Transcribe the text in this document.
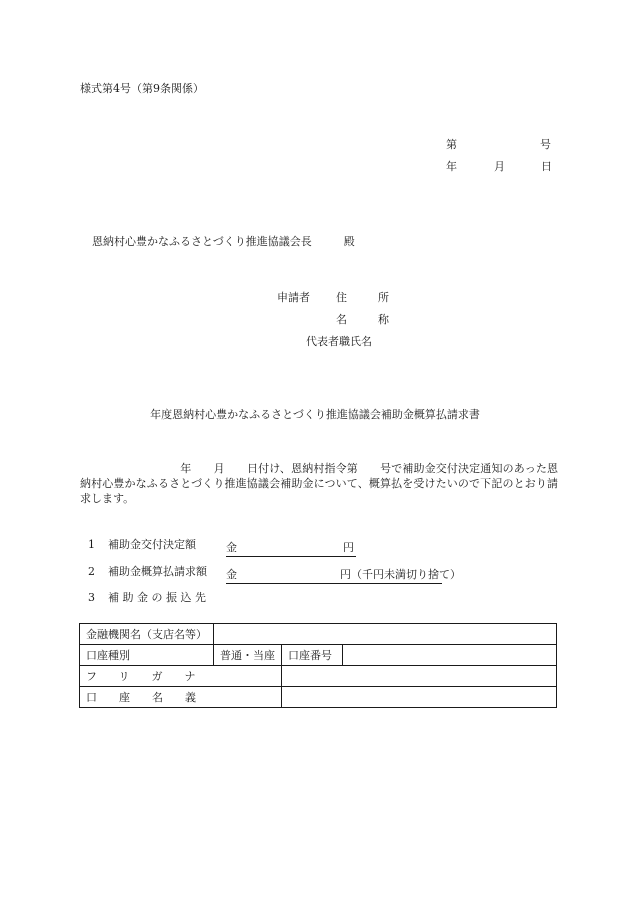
様式第4号（第9条関係）
第	号
年	月	日
恩納村心豊かなふるさとづくり推進協議会長	殿
申請者 住　所
名　称
代表者職氏名
年度恩納村心豊かなふるさとづくり推進協議会補助金概算払請求書
　　　　　　　　　年　　月　　日付け、恩納村指令第　　号で補助金交付決定通知のあった恩納村心豊かなふるさとづくり推進協議会補助金について、概算払を受けたいので下記のとおり請求します。
1 補助金交付決定額	金	円
2 補助金概算払請求額 金	円（千円未満切り捨て）
3 補 助 金 の 振 込 先
金融機関名（支店名等）			
口座種別	普通・当座	口座番号	
フリガナ			
口座名義			
